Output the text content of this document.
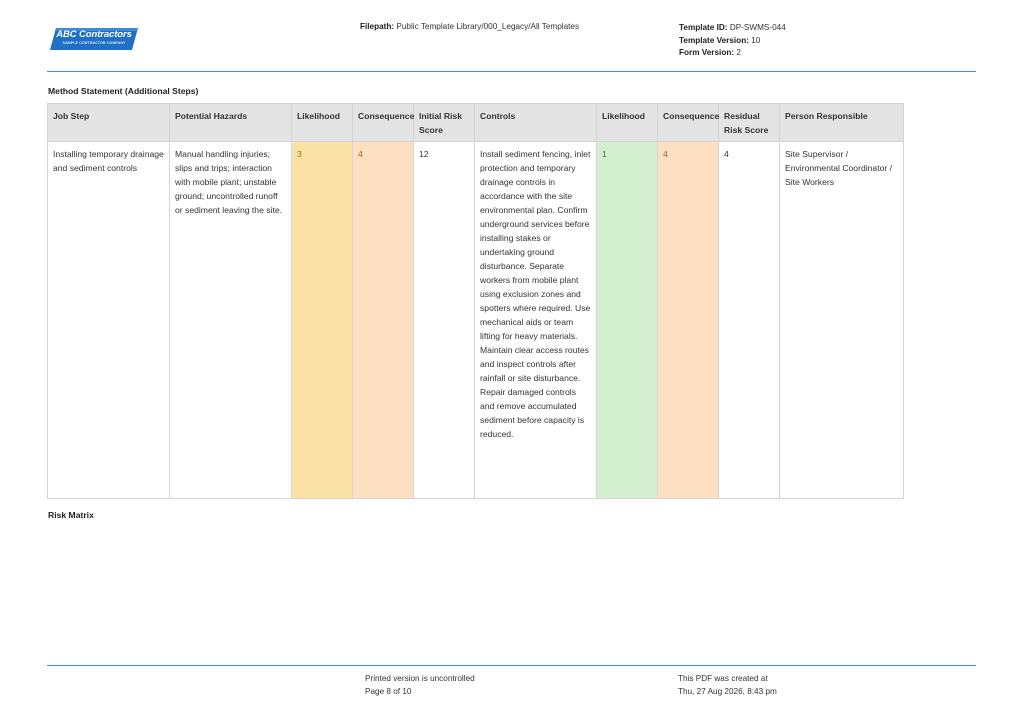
ABC Contractors
SAMPLE CONTRACTOR COMPANY
Filepath: Public Template Library/000_Legacy/All Templates	Template ID: DP-SWMS-044
Template Version: 10
Form Version: 2
Method Statement (Additional Steps)
Job Step	Potential Hazards	Likelihood	Consequence	Initial Risk Score	Controls	Likelihood	Consequence	Residual Risk Score	Person Responsible
Installing temporary drainage and sediment controls	Manual handling injuries; slips and trips; interaction with mobile plant; unstable ground; uncontrolled runoff or sediment leaving the site.	3	4	12	Install sediment fencing, inlet protection and temporary drainage controls in accordance with the site environmental plan. Confirm underground services before installing stakes or undertaking ground disturbance. Separate workers from mobile plant using exclusion zones and spotters where required. Use mechanical aids or team lifting for heavy materials. Maintain clear access routes and inspect controls after rainfall or site disturbance. Repair damaged controls and remove accumulated sediment before capacity is reduced.	1	4	4	Site Supervisor / Environmental Coordinator / Site Workers
Risk Matrix
Printed version is uncontrolled
Page 8 of 10
This PDF was created at
Thu, 27 Aug 2026, 8:43 pm
